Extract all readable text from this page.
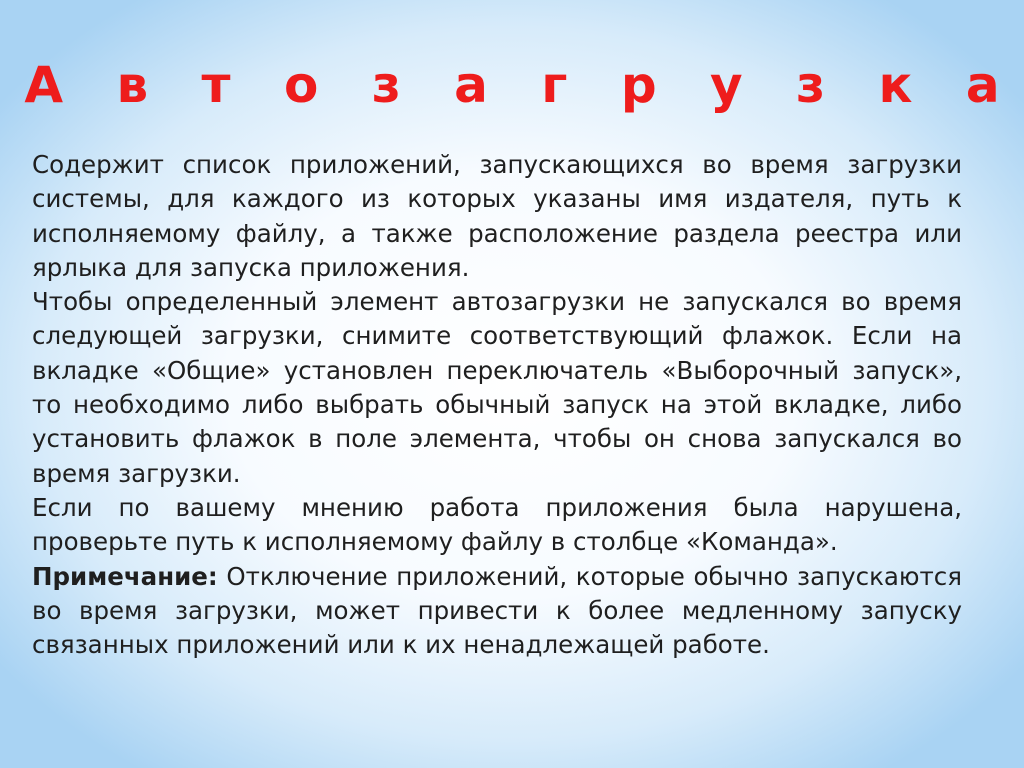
А в т о з а г р у з к а

Содержит список приложений, запускающихся во время загрузки системы, для каждого из которых указаны имя издателя, путь к исполняемому файлу, а также расположение раздела реестра или ярлыка для запуска приложения.

Чтобы определенный элемент автозагрузки не запускался во время следующей загрузки, снимите соответствующий флажок. Если на вкладке «Общие» установлен переключатель «Выборочный запуск», то необходимо либо выбрать обычный запуск на этой вкладке, либо установить флажок в поле элемента, чтобы он снова запускался во время загрузки.

Если по вашему мнению работа приложения была нарушена, проверьте путь к исполняемому файлу в столбце «Команда».

Примечание: Отключение приложений, которые обычно запускаются во время загрузки, может привести к более медленному запуску связанных приложений или к их ненадлежащей работе.
